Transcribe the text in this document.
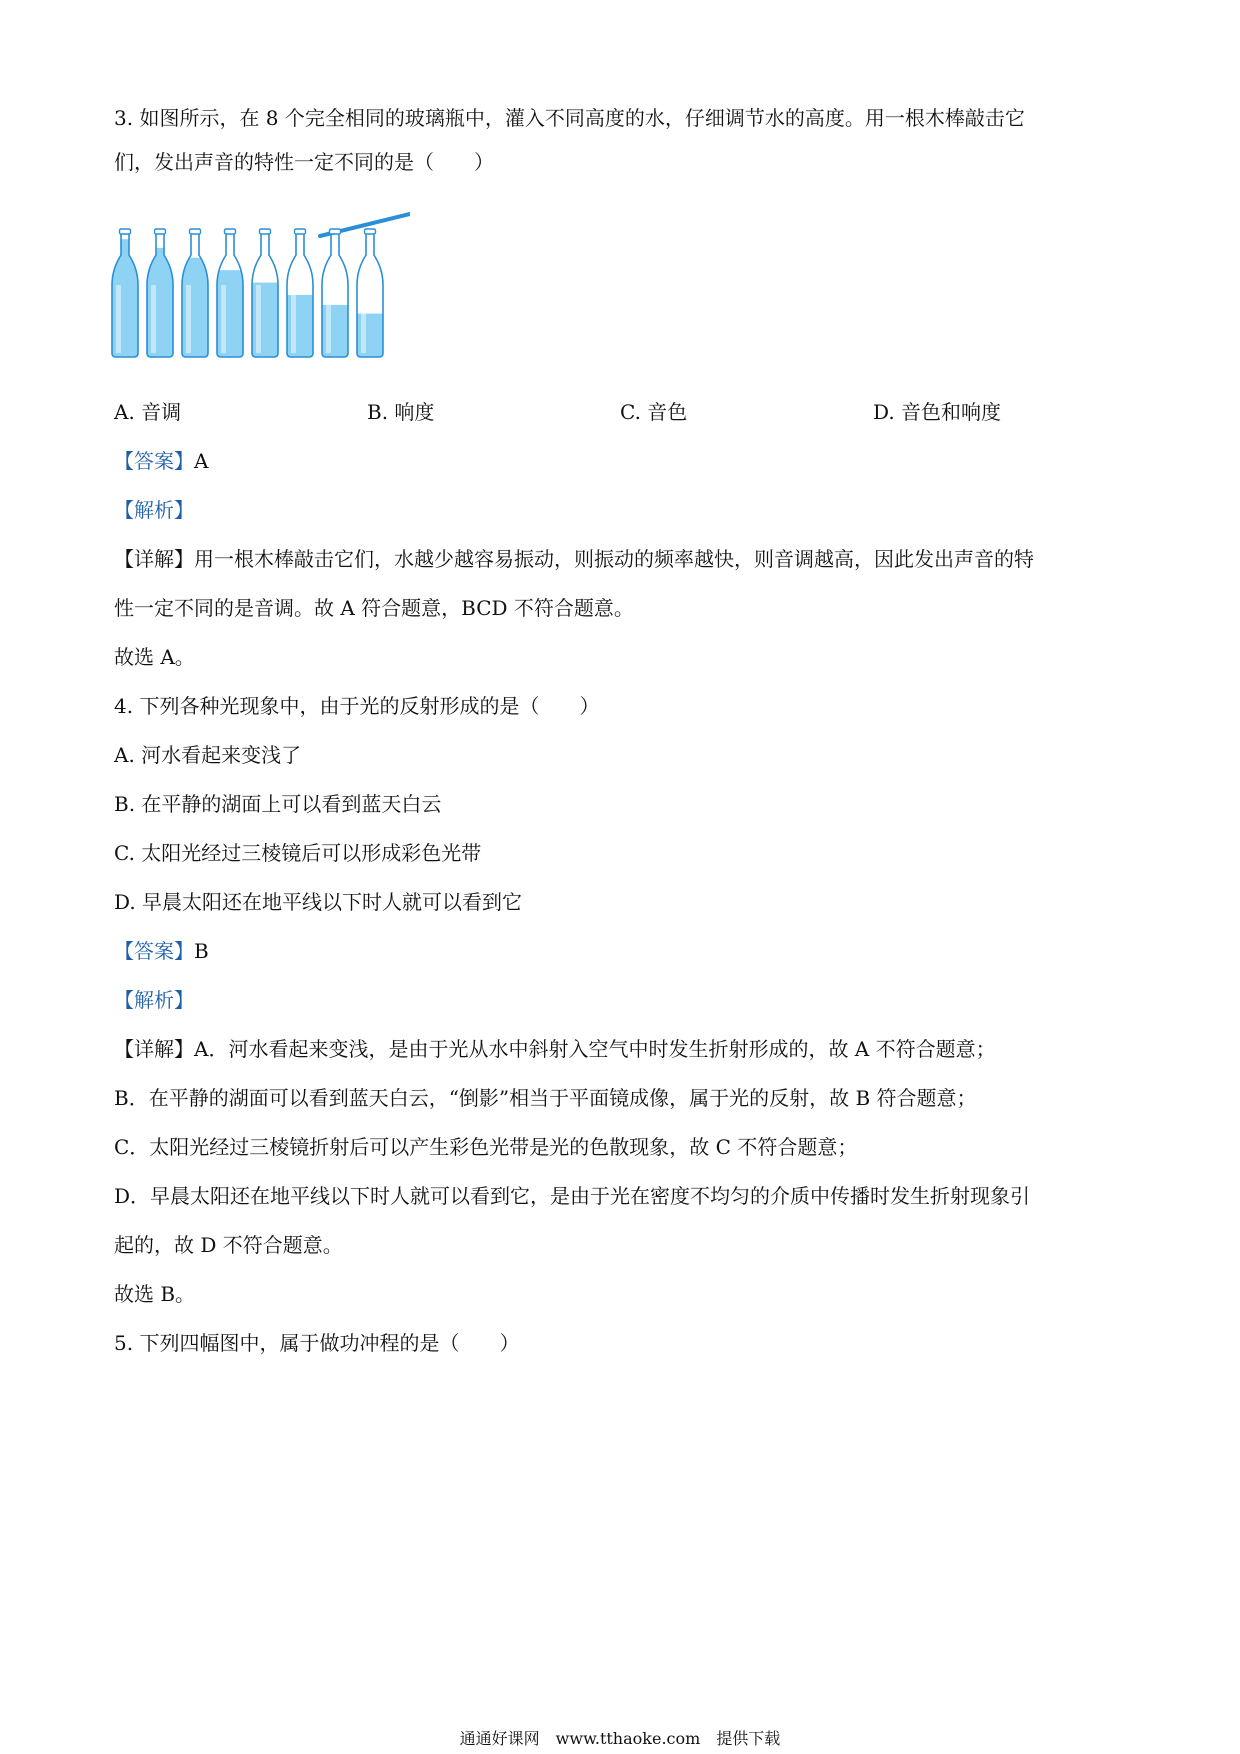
3. 如图所示，在 8 个完全相同的玻璃瓶中，灌入不同高度的水，仔细调节水的高度。用一根木棒敲击它
们，发出声音的特性一定不同的是（　　）
A. 音调	B. 响度	C. 音色	D. 音色和响度
【答案】A
【解析】
【详解】用一根木棒敲击它们，水越少越容易振动，则振动的频率越快，则音调越高，因此发出声音的特
性一定不同的是音调。故 A 符合题意，BCD 不符合题意。
故选 A。
4. 下列各种光现象中，由于光的反射形成的是（　　）
A. 河水看起来变浅了
B. 在平静的湖面上可以看到蓝天白云
C. 太阳光经过三棱镜后可以形成彩色光带
D. 早晨太阳还在地平线以下时人就可以看到它
【答案】B
【解析】
【详解】A．河水看起来变浅，是由于光从水中斜射入空气中时发生折射形成的，故 A 不符合题意；
B．在平静的湖面可以看到蓝天白云，“倒影”相当于平面镜成像，属于光的反射，故 B 符合题意；
C．太阳光经过三棱镜折射后可以产生彩色光带是光的色散现象，故 C 不符合题意；
D．早晨太阳还在地平线以下时人就可以看到它，是由于光在密度不均匀的介质中传播时发生折射现象引
起的，故 D 不符合题意。
故选 B。
5. 下列四幅图中，属于做功冲程的是（　　）
通通好课网　www.tthaoke.com　提供下载
